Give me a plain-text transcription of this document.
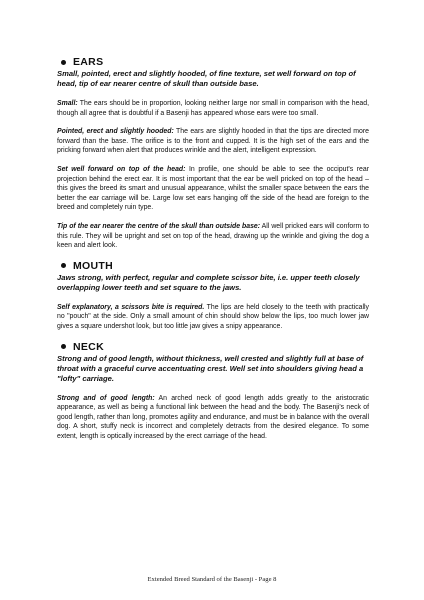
EARS

Small, pointed, erect and slightly hooded, of fine texture, set well forward on top of head, tip of ear nearer centre of skull than outside base.

Small: The ears should be in proportion, looking neither large nor small in comparison with the head, though all agree that is doubtful if a Basenji has appeared whose ears were too small.

Pointed, erect and slightly hooded: The ears are slightly hooded in that the tips are directed more forward than the base. The orifice is to the front and cupped. It is the high set of the ears and the pricking forward when alert that produces wrinkle and the alert, intelligent expression.

Set well forward on top of the head: In profile, one should be able to see the occiput's rear projection behind the erect ear. It is most important that the ear be well pricked on top of the head – this gives the breed its smart and unusual appearance, whilst the smaller space between the ears the better the ear carriage will be. Large low set ears hanging off the side of the head are foreign to the breed and completely ruin type.

Tip of the ear nearer the centre of the skull than outside base: All well pricked ears will conform to this rule. They will be upright and set on top of the head, drawing up the wrinkle and giving the dog a keen and alert look.

MOUTH

Jaws strong, with perfect, regular and complete scissor bite, i.e. upper teeth closely overlapping lower teeth and set square to the jaws.

Self explanatory, a scissors bite is required. The lips are held closely to the teeth with practically no "pouch" at the side. Only a small amount of chin should show below the lips, too much lower jaw gives a square undershot look, but too little jaw gives a snipy appearance.

NECK

Strong and of good length, without thickness, well crested and slightly full at base of throat with a graceful curve accentuating crest. Well set into shoulders giving head a "lofty" carriage.

Strong and of good length: An arched neck of good length adds greatly to the aristocratic appearance, as well as being a functional link between the head and the body. The Basenji's neck of good length, rather than long, promotes agility and endurance, and must be in balance with the overall dog. A short, stuffy neck is incorrect and completely detracts from the desired elegance. To some extent, length is optically increased by the erect carriage of the head.

Extended Breed Standard of the Basenji - Page 8
